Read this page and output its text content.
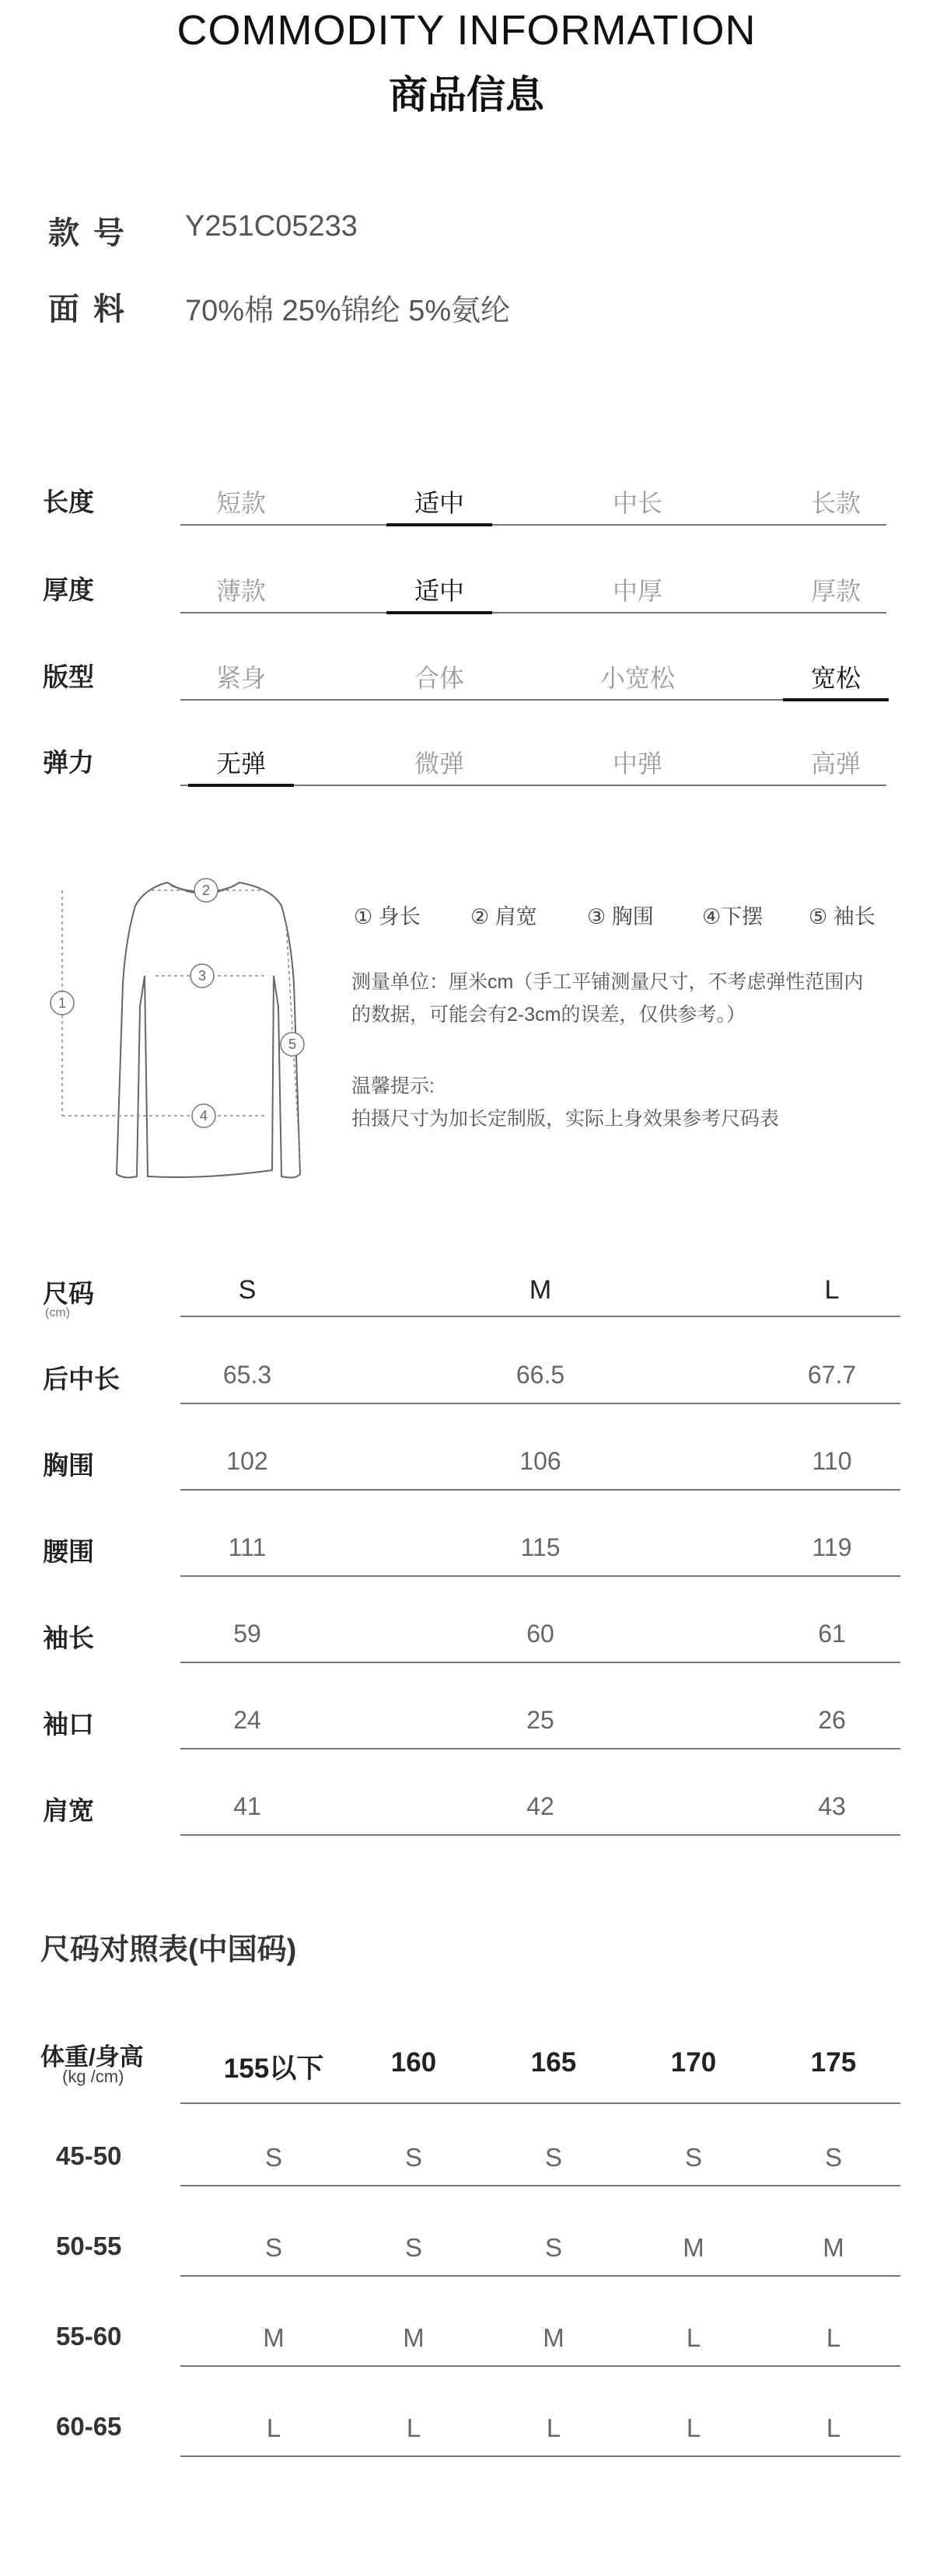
COMMODITY INFORMATION
商品信息
款号 Y251C05233
面料 70%棉 25%锦纶 5%氨纶
长度	短款	适中	中长	长款
厚度	薄款	适中	中厚	厚款
版型	紧身	合体	小宽松	宽松
弹力	无弹	微弹	中弹	高弹
2
1
3
4
5
① 身长 ② 肩宽 ③ 胸围 ④下摆 ⑤ 袖长
测量单位：厘米cm（手工平铺测量尺寸，不考虑弹性范围内
的数据，可能会有2-3cm的误差，仅供参考。）
温馨提示:
拍摄尺寸为加长定制版，实际上身效果参考尺码表
尺码
(cm)
S	M	L
后中长	65.3	66.5	67.7
胸围	102	106	110
腰围	111	115	119
袖长	59	60	61
袖口	24	25	26
肩宽	41	42	43
尺码对照表(中国码)
体重/身高
(kg /cm)	155以下	160	165	170	175
45-50	S	S	S	S	S
50-55	S	S	S	M	M
55-60	M	M	M	L	L
60-65	L	L	L	L	L
